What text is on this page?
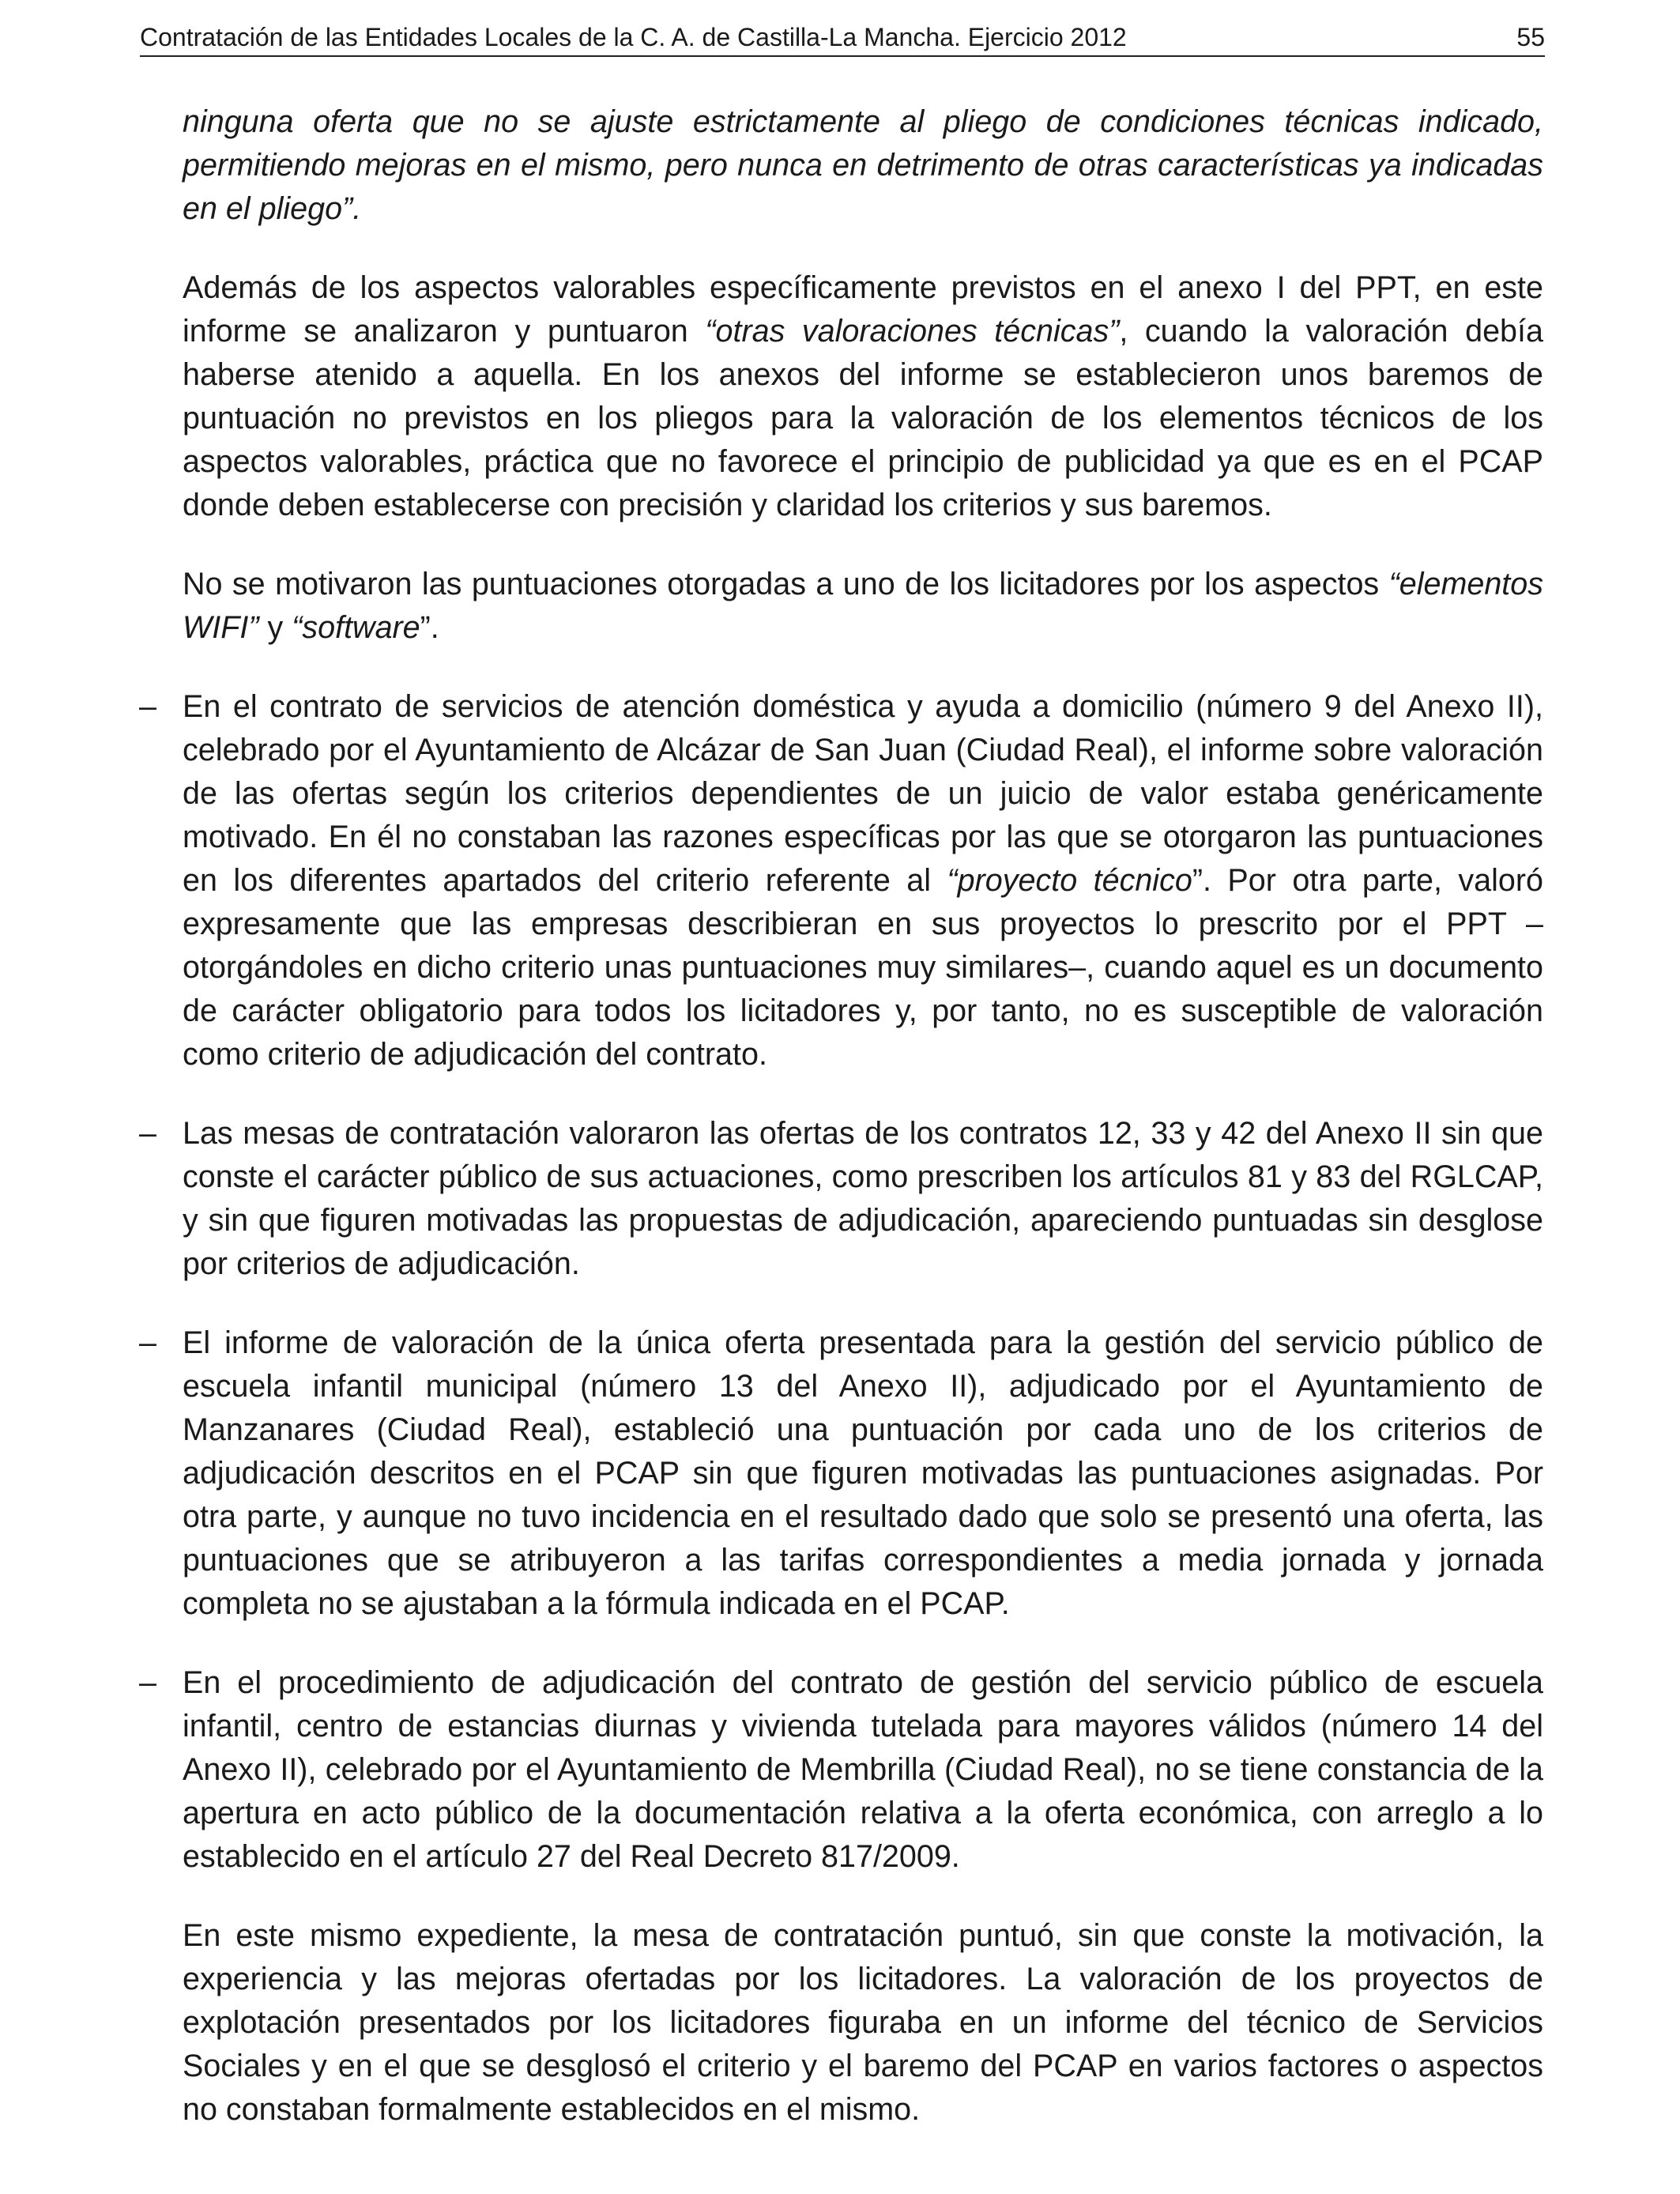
Contratación de las Entidades Locales de la C. A. de Castilla-La Mancha. Ejercicio 2012	55

ninguna oferta que no se ajuste estrictamente al pliego de condiciones técnicas indicado, permitiendo mejoras en el mismo, pero nunca en detrimento de otras características ya indicadas en el pliego”.

Además de los aspectos valorables específicamente previstos en el anexo I del PPT, en este informe se analizaron y puntuaron “otras valoraciones técnicas”, cuando la valoración debía haberse atenido a aquella. En los anexos del informe se establecieron unos baremos de puntuación no previstos en los pliegos para la valoración de los elementos técnicos de los aspectos valorables, práctica que no favorece el principio de publicidad ya que es en el PCAP donde deben establecerse con precisión y claridad los criterios y sus baremos.

No se motivaron las puntuaciones otorgadas a uno de los licitadores por los aspectos “elementos WIFI” y “software”.

– En el contrato de servicios de atención doméstica y ayuda a domicilio (número 9 del Anexo II), celebrado por el Ayuntamiento de Alcázar de San Juan (Ciudad Real), el informe sobre valoración de las ofertas según los criterios dependientes de un juicio de valor estaba genéricamente motivado. En él no constaban las razones específicas por las que se otorgaron las puntuaciones en los diferentes apartados del criterio referente al “proyecto técnico”. Por otra parte, valoró expresamente que las empresas describieran en sus proyectos lo prescrito por el PPT –otorgándoles en dicho criterio unas puntuaciones muy similares–, cuando aquel es un documento de carácter obligatorio para todos los licitadores y, por tanto, no es susceptible de valoración como criterio de adjudicación del contrato.

– Las mesas de contratación valoraron las ofertas de los contratos 12, 33 y 42 del Anexo II sin que conste el carácter público de sus actuaciones, como prescriben los artículos 81 y 83 del RGLCAP, y sin que figuren motivadas las propuestas de adjudicación, apareciendo puntuadas sin desglose por criterios de adjudicación.

– El informe de valoración de la única oferta presentada para la gestión del servicio público de escuela infantil municipal (número 13 del Anexo II), adjudicado por el Ayuntamiento de Manzanares (Ciudad Real), estableció una puntuación por cada uno de los criterios de adjudicación descritos en el PCAP sin que figuren motivadas las puntuaciones asignadas. Por otra parte, y aunque no tuvo incidencia en el resultado dado que solo se presentó una oferta, las puntuaciones que se atribuyeron a las tarifas correspondientes a media jornada y jornada completa no se ajustaban a la fórmula indicada en el PCAP.

– En el procedimiento de adjudicación del contrato de gestión del servicio público de escuela infantil, centro de estancias diurnas y vivienda tutelada para mayores válidos (número 14 del Anexo II), celebrado por el Ayuntamiento de Membrilla (Ciudad Real), no se tiene constancia de la apertura en acto público de la documentación relativa a la oferta económica, con arreglo a lo establecido en el artículo 27 del Real Decreto 817/2009.

En este mismo expediente, la mesa de contratación puntuó, sin que conste la motivación, la experiencia y las mejoras ofertadas por los licitadores. La valoración de los proyectos de explotación presentados por los licitadores figuraba en un informe del técnico de Servicios Sociales y en el que se desglosó el criterio y el baremo del PCAP en varios factores o aspectos no constaban formalmente establecidos en el mismo.
